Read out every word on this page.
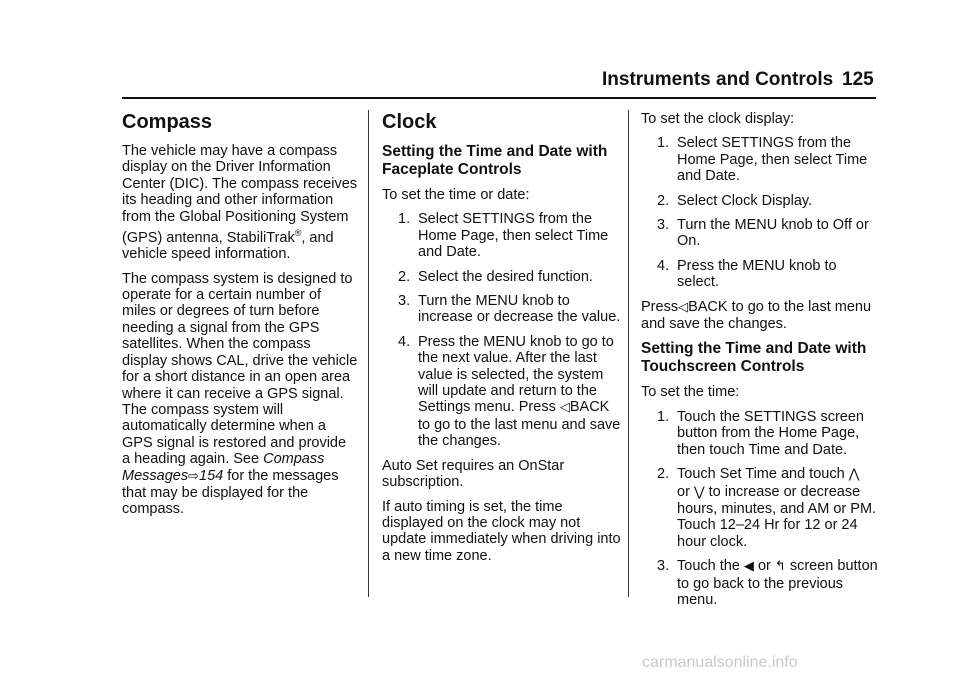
Instruments and Controls 125
Compass

The vehicle may have a compass display on the Driver Information Center (DIC). The compass receives its heading and other information from the Global Positioning System (GPS) antenna, StabiliTrak®, and vehicle speed information.

The compass system is designed to operate for a certain number of miles or degrees of turn before needing a signal from the GPS satellites. When the compass display shows CAL, drive the vehicle for a short distance in an open area where it can receive a GPS signal. The compass system will automatically determine when a GPS signal is restored and provide a heading again. See Compass Messages⇨154 for the messages that may be displayed for the compass.

Clock
Setting the Time and Date with Faceplate Controls

To set the time or date:

1. Select SETTINGS from the Home Page, then select Time and Date.
2. Select the desired function.
3. Turn the MENU knob to increase or decrease the value.
4. Press the MENU knob to go to the next value. After the last value is selected, the system will update and return to the Settings menu. Press ◁BACK to go to the last menu and save the changes.

Auto Set requires an OnStar subscription.

If auto timing is set, the time displayed on the clock may not update immediately when driving into a new time zone.

To set the clock display:

1. Select SETTINGS from the Home Page, then select Time and Date.
2. Select Clock Display.
3. Turn the MENU knob to Off or On.
4. Press the MENU knob to select.

Press◁BACK to go to the last menu and save the changes.

Setting the Time and Date with Touchscreen Controls

To set the time:

1. Touch the SETTINGS screen button from the Home Page, then touch Time and Date.
2. Touch Set Time and touch ⋀
or ⋁ to increase or decrease hours, minutes, and AM or PM. Touch 12–24 Hr for 12 or 24 hour clock.
3. Touch the ◀ or ↰ screen button to go back to the previous menu.
carmanualsonline.info
